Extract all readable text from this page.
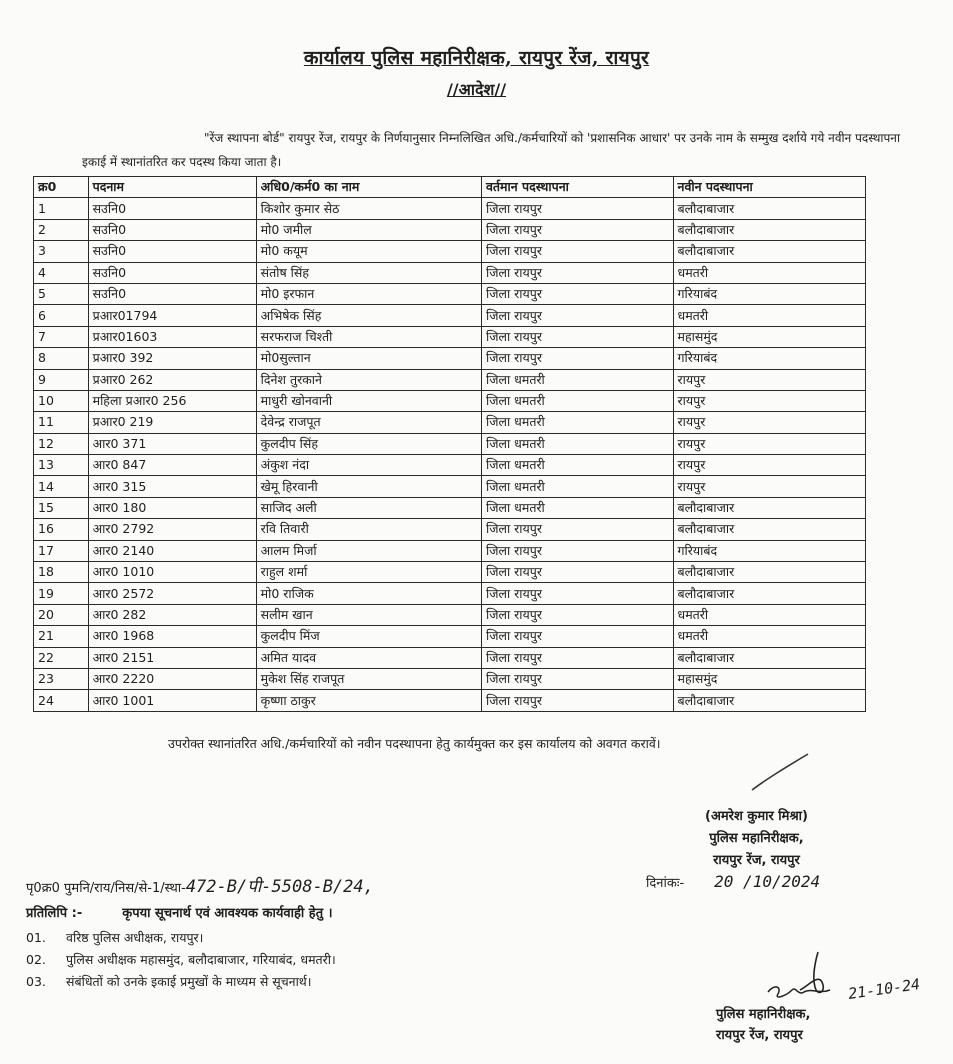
कार्यालय पुलिस महानिरीक्षक, रायपुर रेंज, रायपुर
//आदेश//
"रेंज स्थापना बोर्ड" रायपुर रेंज, रायपुर के निर्णयानुसार निम्नलिखित अधि./कर्मचारियों को 'प्रशासनिक आधार' पर उनके नाम के सम्मुख दर्शाये गये नवीन पदस्थापना इकाई में स्थानांतरित कर पदस्थ किया जाता है।
क्र0	पदनाम	अधि0/कर्म0 का नाम	वर्तमान पदस्थापना	नवीन पदस्थापना
1	सउनि0	किशोर कुमार सेठ	जिला रायपुर	बलौदाबाजार
2	सउनि0	मो0 जमील	जिला रायपुर	बलौदाबाजार
3	सउनि0	मो0 कयूम	जिला रायपुर	बलौदाबाजार
4	सउनि0	संतोष सिंह	जिला रायपुर	धमतरी
5	सउनि0	मो0 इरफान	जिला रायपुर	गरियाबंद
6	प्रआर01794	अभिषेक सिंह	जिला रायपुर	धमतरी
7	प्रआर01603	सरफराज चिश्ती	जिला रायपुर	महासमुंद
8	प्रआर0 392	मो0सुल्तान	जिला रायपुर	गरियाबंद
9	प्रआर0 262	दिनेश तुरकाने	जिला धमतरी	रायपुर
10	महिला प्रआर0 256	माधुरी खोनवानी	जिला धमतरी	रायपुर
11	प्रआर0 219	देवेन्द्र राजपूत	जिला धमतरी	रायपुर
12	आर0 371	कुलदीप सिंह	जिला धमतरी	रायपुर
13	आर0 847	अंकुश नंदा	जिला धमतरी	रायपुर
14	आर0 315	खेमू हिरवानी	जिला धमतरी	रायपुर
15	आर0 180	साजिद अली	जिला धमतरी	बलौदाबाजार
16	आर0 2792	रवि तिवारी	जिला रायपुर	बलौदाबाजार
17	आर0 2140	आलम मिर्जा	जिला रायपुर	गरियाबंद
18	आर0 1010	राहुल शर्मा	जिला रायपुर	बलौदाबाजार
19	आर0 2572	मो0 राजिक	जिला रायपुर	बलौदाबाजार
20	आर0 282	सलीम खान	जिला रायपुर	धमतरी
21	आर0 1968	कुलदीप मिंज	जिला रायपुर	धमतरी
22	आर0 2151	अमित यादव	जिला रायपुर	बलौदाबाजार
23	आर0 2220	मुकेश सिंह राजपूत	जिला रायपुर	महासमुंद
24	आर0 1001	कृष्णा ठाकुर	जिला रायपुर	बलौदाबाजार
उपरोक्त स्थानांतरित अधि./कर्मचारियों को नवीन पदस्थापना हेतु कार्यमुक्त कर इस कार्यालय को अवगत करावें।
(अमरेश कुमार मिश्रा)
पुलिस महानिरीक्षक,
रायपुर रेंज, रायपुर
पृ0क्र0 पुमनि/राय/निस/से-1/स्था-472-B/पी-5508-B/24,	दिनांकः- 20 /10/2024
प्रतिलिपि :-	कृपया सूचनार्थ एवं आवश्यक कार्यवाही हेतु ।
01. वरिष्ठ पुलिस अधीक्षक, रायपुर।
02. पुलिस अधीक्षक महासमुंद, बलौदाबाजार, गरियाबंद, धमतरी।
03. संबंधितों को उनके इकाई प्रमुखों के माध्यम से सूचनार्थ।	21-10-24
पुलिस महानिरीक्षक,
रायपुर रेंज, रायपुर
